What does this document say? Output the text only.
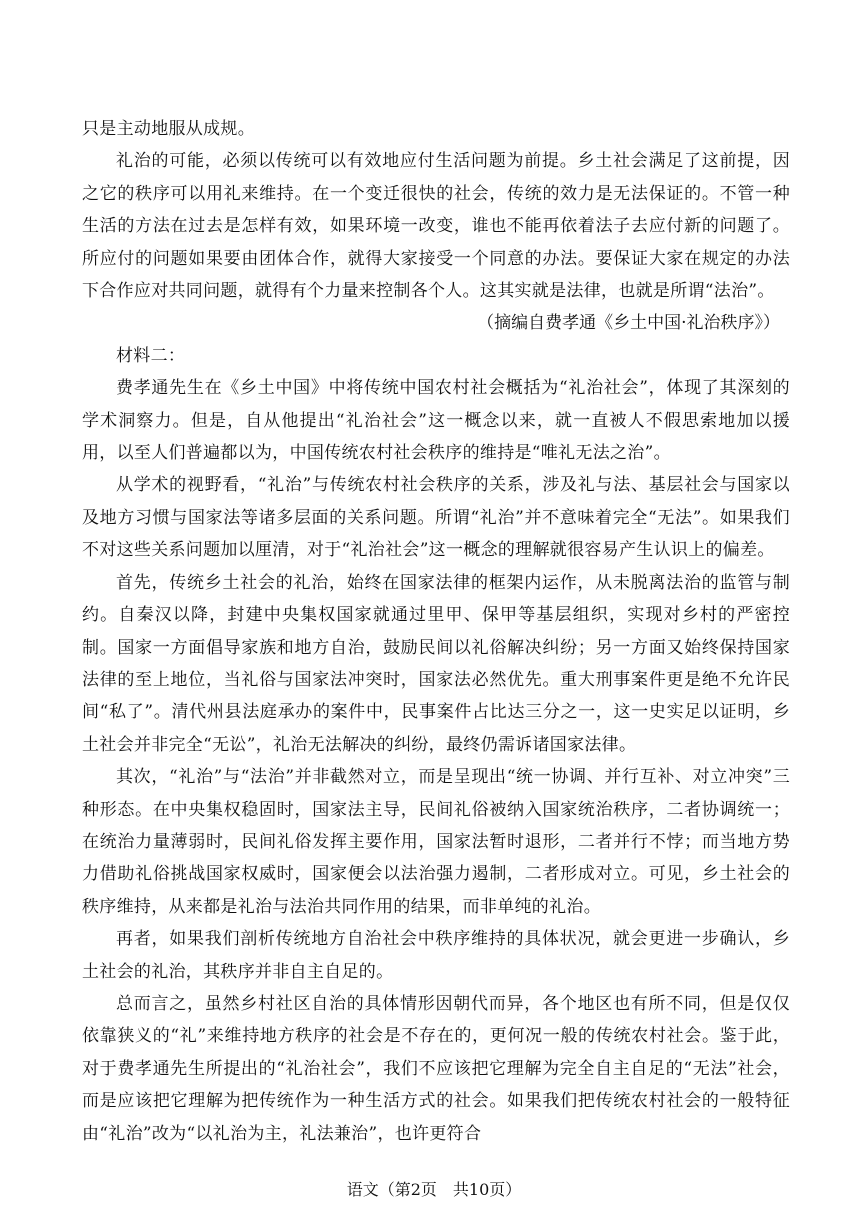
只是主动地服从成规。

礼治的可能，必须以传统可以有效地应付生活问题为前提。乡土社会满足了这前提，因之它的秩序可以用礼来维持。在一个变迁很快的社会，传统的效力是无法保证的。不管一种生活的方法在过去是怎样有效，如果环境一改变，谁也不能再依着法子去应付新的问题了。所应付的问题如果要由团体合作，就得大家接受一个同意的办法。要保证大家在规定的办法下合作应对共同问题，就得有个力量来控制各个人。这其实就是法律，也就是所谓“法治”。

（摘编自费孝通《乡土中国·礼治秩序》）

材料二：

费孝通先生在《乡土中国》中将传统中国农村社会概括为“礼治社会”，体现了其深刻的学术洞察力。但是，自从他提出“礼治社会”这一概念以来，就一直被人不假思索地加以援用，以至人们普遍都以为，中国传统农村社会秩序的维持是“唯礼无法之治”。

从学术的视野看，“礼治”与传统农村社会秩序的关系，涉及礼与法、基层社会与国家以及地方习惯与国家法等诸多层面的关系问题。所谓“礼治”并不意味着完全“无法”。如果我们不对这些关系问题加以厘清，对于“礼治社会”这一概念的理解就很容易产生认识上的偏差。

首先，传统乡土社会的礼治，始终在国家法律的框架内运作，从未脱离法治的监管与制约。自秦汉以降，封建中央集权国家就通过里甲、保甲等基层组织，实现对乡村的严密控制。国家一方面倡导家族和地方自治，鼓励民间以礼俗解决纠纷；另一方面又始终保持国家法律的至上地位，当礼俗与国家法冲突时，国家法必然优先。重大刑事案件更是绝不允许民间“私了”。清代州县法庭承办的案件中，民事案件占比达三分之一，这一史实足以证明，乡土社会并非完全“无讼”，礼治无法解决的纠纷，最终仍需诉诸国家法律。

其次，“礼治”与“法治”并非截然对立，而是呈现出“统一协调、并行互补、对立冲突”三种形态。在中央集权稳固时，国家法主导，民间礼俗被纳入国家统治秩序，二者协调统一；在统治力量薄弱时，民间礼俗发挥主要作用，国家法暂时退形，二者并行不悖；而当地方势力借助礼俗挑战国家权威时，国家便会以法治强力遏制，二者形成对立。可见，乡土社会的秩序维持，从来都是礼治与法治共同作用的结果，而非单纯的礼治。

再者，如果我们剖析传统地方自治社会中秩序维持的具体状况，就会更进一步确认，乡土社会的礼治，其秩序并非自主自足的。

总而言之，虽然乡村社区自治的具体情形因朝代而异，各个地区也有所不同，但是仅仅依靠狭义的“礼”来维持地方秩序的社会是不存在的，更何况一般的传统农村社会。鉴于此，对于费孝通先生所提出的“礼治社会”，我们不应该把它理解为完全自主自足的“无法”社会，而是应该把它理解为把传统作为一种生活方式的社会。如果我们把传统农村社会的一般特征由“礼治”改为“以礼治为主，礼法兼治”，也许更符合

语文（第2页　共10页）
